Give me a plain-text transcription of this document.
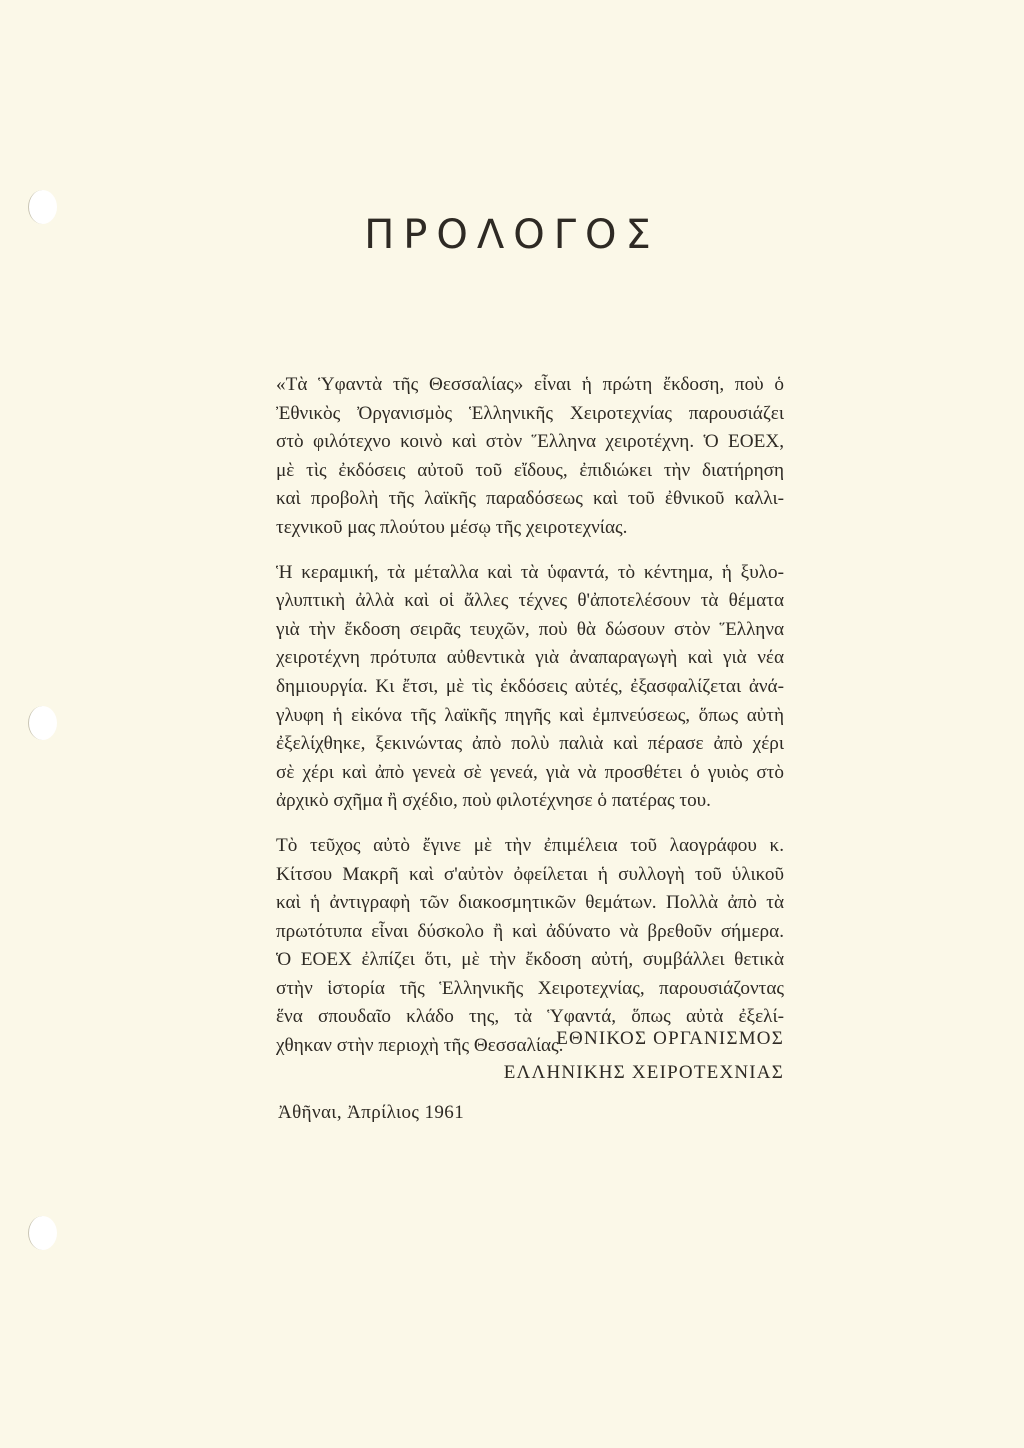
ΠΡΟΛΟΓΟΣ
«Τὰ Ὑφαντὰ τῆς Θεσσαλίας» εἶναι ἡ πρώτη ἔκδοση, ποὺ ὁ
Ἐθνικὸς Ὀργανισμὸς Ἑλληνικῆς Χειροτεχνίας παρουσιάζει
στὸ φιλότεχνο κοινὸ καὶ στὸν Ἕλληνα χειροτέχνη. Ὁ ΕΟΕΧ,
μὲ τὶς ἐκδόσεις αὐτοῦ τοῦ εἴδους, ἐπιδιώκει τὴν διατήρηση
καὶ προβολὴ τῆς λαϊκῆς παραδόσεως καὶ τοῦ ἐθνικοῦ καλλι-
τεχνικοῦ μας πλούτου μέσῳ τῆς χειροτεχνίας.
Ἡ κεραμική, τὰ μέταλλα καὶ τὰ ὑφαντά, τὸ κέντημα, ἡ ξυλο-
γλυπτικὴ ἀλλὰ καὶ οἱ ἄλλες τέχνες θ'ἀποτελέσουν τὰ θέματα
γιὰ τὴν ἔκδοση σειρᾶς τευχῶν, ποὺ θὰ δώσουν στὸν Ἕλληνα
χειροτέχνη πρότυπα αὐθεντικὰ γιὰ ἀναπαραγωγὴ καὶ γιὰ νέα
δημιουργία. Κι ἔτσι, μὲ τὶς ἐκδόσεις αὐτές, ἐξασφαλίζεται ἀνά-
γλυφη ἡ εἰκόνα τῆς λαϊκῆς πηγῆς καὶ ἐμπνεύσεως, ὅπως αὐτὴ
ἐξελίχθηκε, ξεκινώντας ἀπὸ πολὺ παλιὰ καὶ πέρασε ἀπὸ χέρι
σὲ χέρι καὶ ἀπὸ γενεὰ σὲ γενεά, γιὰ νὰ προσθέτει ὁ γυιὸς στὸ
ἀρχικὸ σχῆμα ἢ σχέδιο, ποὺ φιλοτέχνησε ὁ πατέρας του.
Τὸ τεῦχος αὐτὸ ἔγινε μὲ τὴν ἐπιμέλεια τοῦ λαογράφου κ.
Κίτσου Μακρῆ καὶ σ'αὐτὸν ὀφείλεται ἡ συλλογὴ τοῦ ὑλικοῦ
καὶ ἡ ἀντιγραφὴ τῶν διακοσμητικῶν θεμάτων. Πολλὰ ἀπὸ τὰ
πρωτότυπα εἶναι δύσκολο ἢ καὶ ἀδύνατο νὰ βρεθοῦν σήμερα.
Ὁ ΕΟΕΧ ἐλπίζει ὅτι, μὲ τὴν ἔκδοση αὐτή, συμβάλλει θετικὰ
στὴν ἱστορία τῆς Ἑλληνικῆς Χειροτεχνίας, παρουσιάζοντας
ἕνα σπουδαῖο κλάδο της, τὰ Ὑφαντά, ὅπως αὐτὰ ἐξελί-
χθηκαν στὴν περιοχὴ τῆς Θεσσαλίας.
ΕΘΝΙΚΟΣ ΟΡΓΑΝΙΣΜΟΣ
ΕΛΛΗΝΙΚΗΣ ΧΕΙΡΟΤΕΧΝΙΑΣ
Ἀθῆναι, Ἀπρίλιος 1961
